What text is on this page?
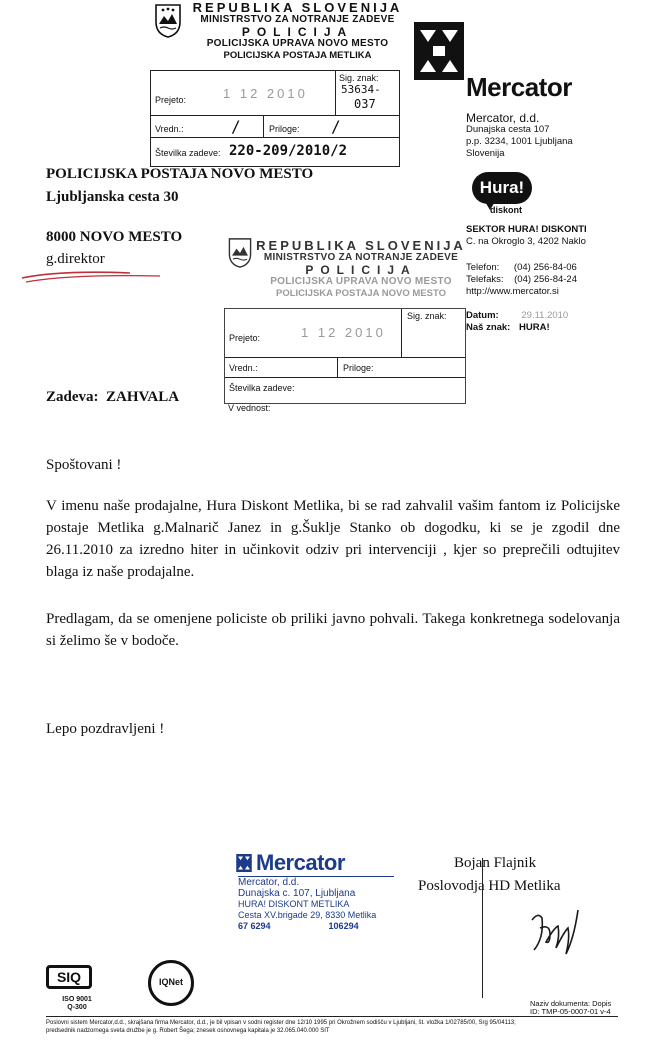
REPUBLIKA SLOVENIJA
MINISTRSTVO ZA NOTRANJE ZADEVE
POLICIJA
POLICIJSKA UPRAVA NOVO MESTO
POLICIJSKA POSTAJA METLIKA
Prejeto:	1 12 2010
Sig. znak:
53634-
037
Vredn.:	/	Priloge: /
Številka zadeve: 220-209/2010/2
Mercator
Mercator, d.d.
Dunajska cesta 107
p.p. 3234, 1001 Ljubljana
Slovenija
Hura!
diskont
SEKTOR HURA! DISKONTI
C. na Okroglo 3, 4202 Naklo
Telefon: (04) 256-84-06
Telefaks: (04) 256-84-24
http://www.mercator.si
Datum: 29.11.2010
Naš znak: HURA!
POLICIJSKA POSTAJA NOVO MESTO
Ljubljanska cesta 30
8000 NOVO MESTO
g.direktor
REPUBLIKA SLOVENIJA
MINISTRSTVO ZA NOTRANJE ZADEVE
POLICIJA
POLICIJSKA UPRAVA NOVO MESTO
POLICIJSKA POSTAJA NOVO MESTO
Prejeto:	1 12 2010
Sig. znak:
Vredn.:	Priloge:
Številka zadeve:
V vednost:
Zadeva: ZAHVALA
Spoštovani !
V imenu naše prodajalne, Hura Diskont Metlika, bi se rad zahvalil vašim fantom iz Policijske postaje Metlika g.Malnarič Janez in g.Šuklje Stanko ob dogodku, ki se je zgodil dne 26.11.2010 za izredno hiter in učinkovit odziv pri intervenciji , kjer so preprečili odtujitev blaga iz naše prodajalne.
Predlagam, da se omenjene policiste ob priliki javno pohvali. Takega konkretnega sodelovanja si želimo še v bodoče.
Lepo pozdravljeni !
Mercator
Mercator, d.d.
Dunajska c. 107, Ljubljana
HURA! DISKONT METLIKA
Cesta XV.brigade 29, 8330 Metlika
67 6294	106294
Bojan Flajnik
Poslovodja HD Metlika
SIQ
ISO 9001
Q-300
IQNet
Naziv dokumenta: Dopis
ID: TMP-05-0007-01 v-4
Poslovni sistem Mercator,d.d., skrajšana firma Mercator, d.d., je bil vpisan v sodni register dne 12/10 1995 pri Okrožnem sodišču v Ljubljani, št. vložka 1/02785/00, Srg 95/04113;
predsednik nadzornega sveta družbe je g. Robert Šega; znesek osnovnega kapitala je 32.065.040.000 SIT
